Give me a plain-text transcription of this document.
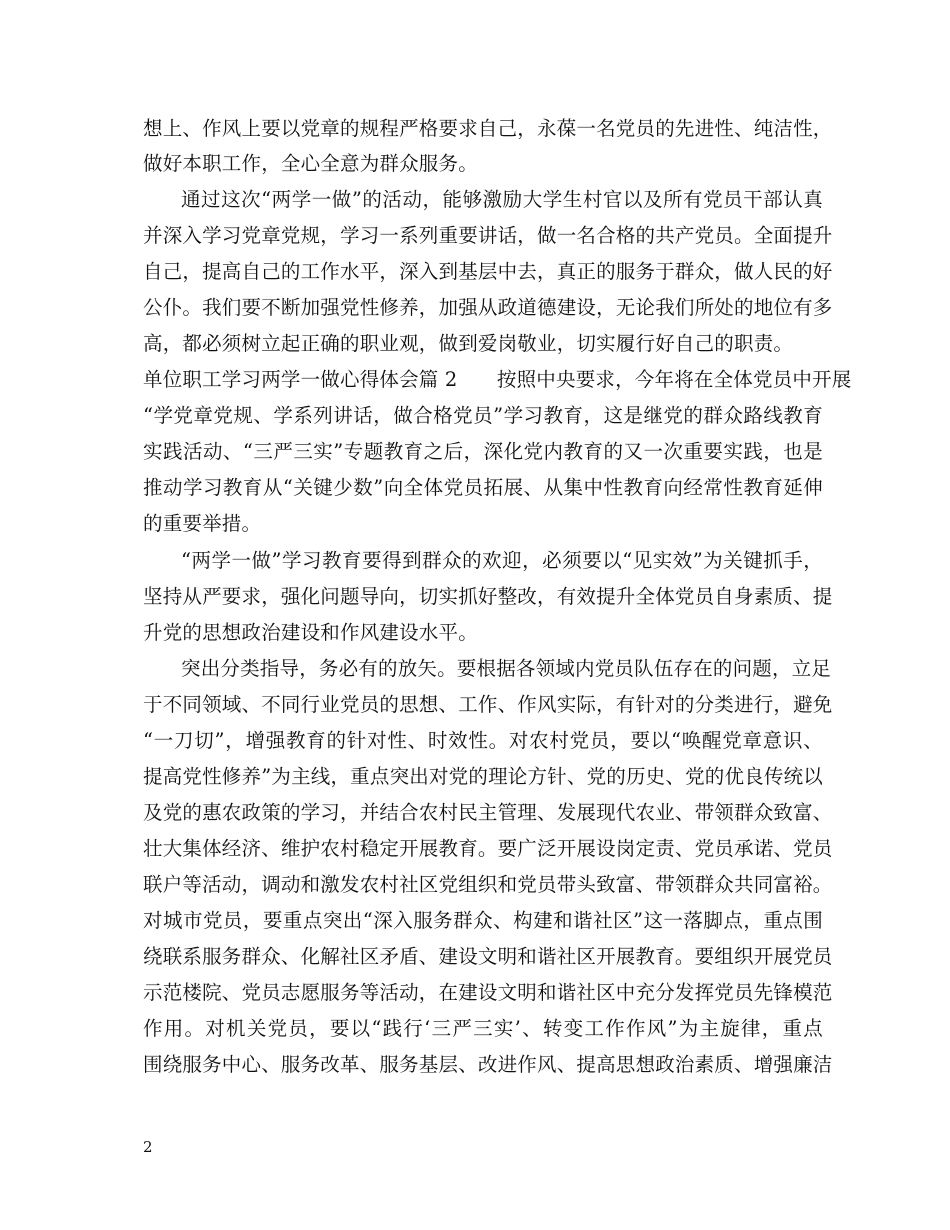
想上、作风上要以党章的规程严格要求自己，永葆一名党员的先进性、纯洁性，
做好本职工作，全心全意为群众服务。
通过这次“两学一做”的活动，能够激励大学生村官以及所有党员干部认真
并深入学习党章党规，学习一系列重要讲话，做一名合格的共产党员。全面提升
自己，提高自己的工作水平，深入到基层中去，真正的服务于群众，做人民的好
公仆。我们要不断加强党性修养，加强从政道德建设，无论我们所处的地位有多
高，都必须树立起正确的职业观，做到爱岗敬业，切实履行好自己的职责。
单位职工学习两学一做心得体会篇 2　　按照中央要求，今年将在全体党员中开展
“学党章党规、学系列讲话，做合格党员”学习教育，这是继党的群众路线教育
实践活动、“三严三实”专题教育之后，深化党内教育的又一次重要实践，也是
推动学习教育从“关键少数”向全体党员拓展、从集中性教育向经常性教育延伸
的重要举措。
“两学一做”学习教育要得到群众的欢迎，必须要以“见实效”为关键抓手，
坚持从严要求，强化问题导向，切实抓好整改，有效提升全体党员自身素质、提
升党的思想政治建设和作风建设水平。
突出分类指导，务必有的放矢。要根据各领域内党员队伍存在的问题，立足
于不同领域、不同行业党员的思想、工作、作风实际，有针对的分类进行，避免
“一刀切”，增强教育的针对性、时效性。对农村党员，要以“唤醒党章意识、
提高党性修养”为主线，重点突出对党的理论方针、党的历史、党的优良传统以
及党的惠农政策的学习，并结合农村民主管理、发展现代农业、带领群众致富、
壮大集体经济、维护农村稳定开展教育。要广泛开展设岗定责、党员承诺、党员
联户等活动，调动和激发农村社区党组织和党员带头致富、带领群众共同富裕。
对城市党员，要重点突出“深入服务群众、构建和谐社区”这一落脚点，重点围
绕联系服务群众、化解社区矛盾、建设文明和谐社区开展教育。要组织开展党员
示范楼院、党员志愿服务等活动，在建设文明和谐社区中充分发挥党员先锋模范
作用。对机关党员，要以“践行‘三严三实’、转变工作作风”为主旋律，重点
围绕服务中心、服务改革、服务基层、改进作风、提高思想政治素质、增强廉洁
2
